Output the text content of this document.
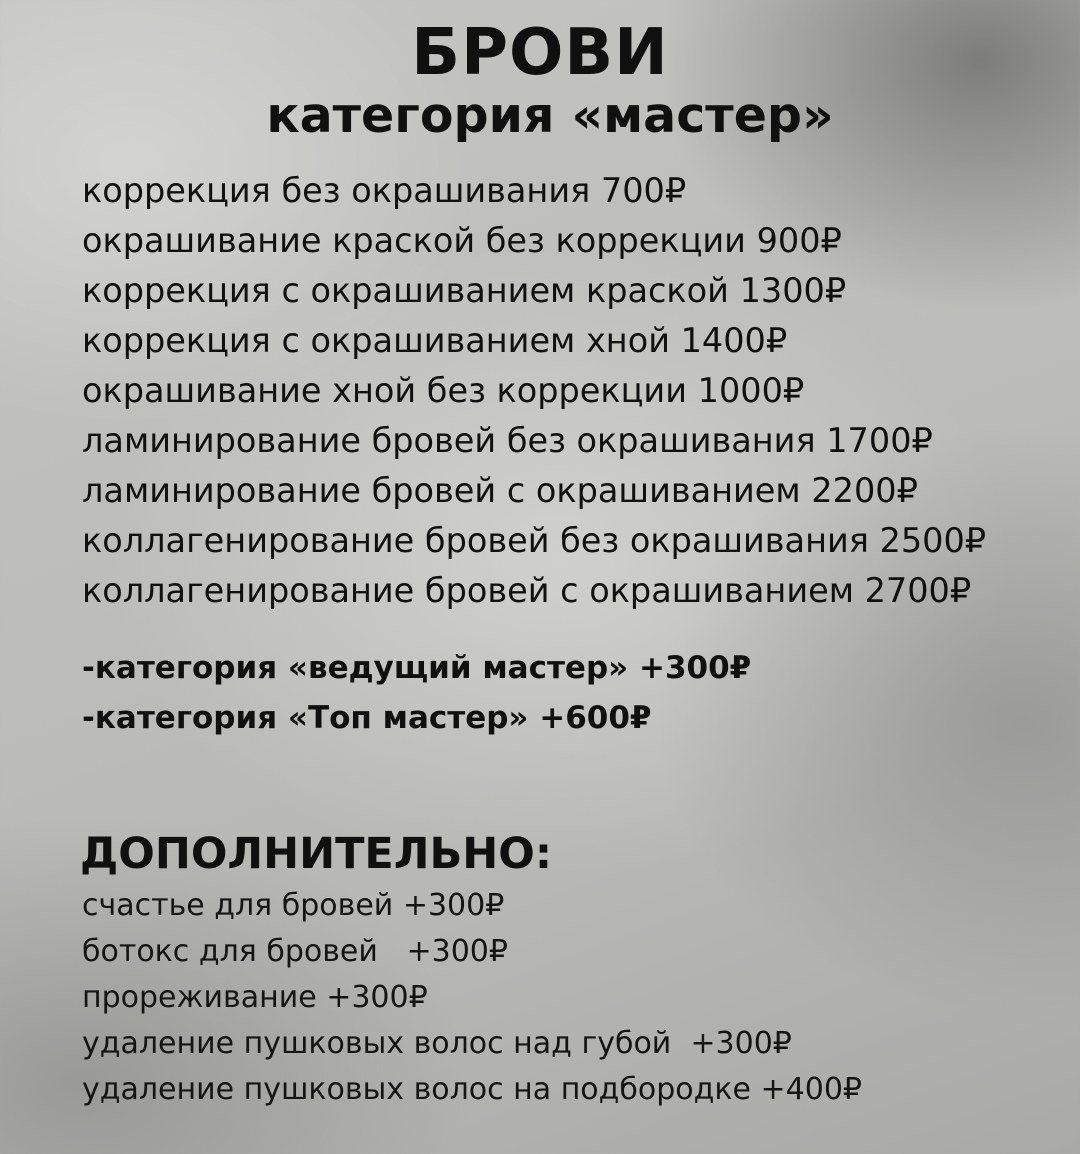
БРОВИ
категория «мастер»
коррекция без окрашивания 700₽
окрашивание краской без коррекции 900₽
коррекция с окрашиванием краской 1300₽
коррекция с окрашиванием хной 1400₽
окрашивание хной без коррекции 1000₽
ламинирование бровей без окрашивания 1700₽
ламинирование бровей с окрашиванием 2200₽
коллагенирование бровей без окрашивания 2500₽
коллагенирование бровей с окрашиванием 2700₽
-категория «ведущий мастер» +300₽
-категория «Топ мастер» +600₽
ДОПОЛНИТЕЛЬНО:
счастье для бровей +300₽
ботокс для бровей   +300₽
прореживание +300₽
удаление пушковых волос над губой  +300₽
удаление пушковых волос на подбородке +400₽
